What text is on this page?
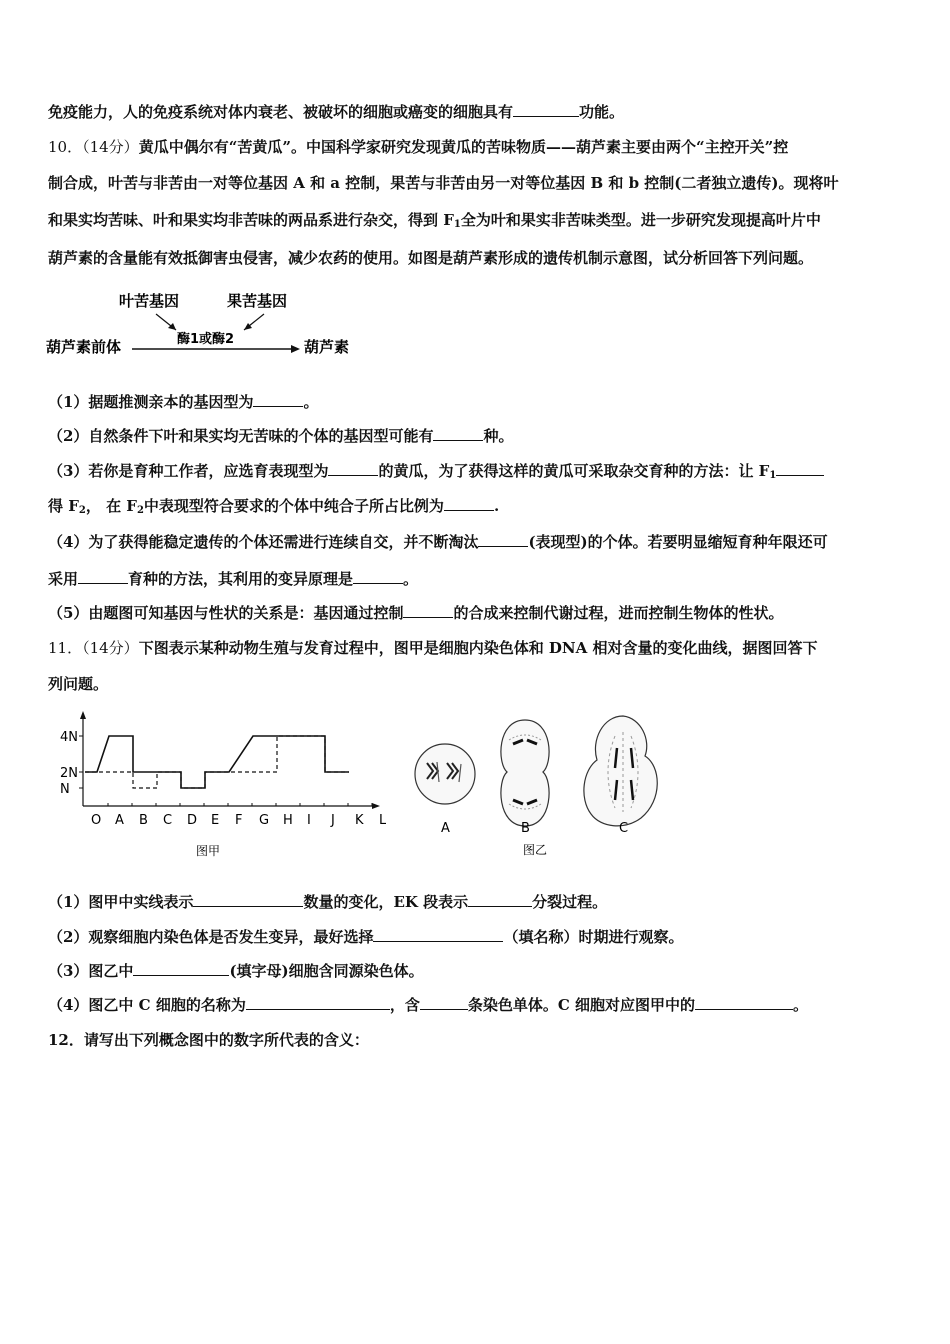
免疫能力，人的免疫系统对体内衰老、被破坏的细胞或癌变的细胞具有	功能。
10．（14分）黄瓜中偶尔有“苦黄瓜”。中国科学家研究发现黄瓜的苦味物质——葫芦素主要由两个“主控开关”控
制合成，叶苦与非苦由一对等位基因 A 和 a 控制，果苦与非苦由另一对等位基因 B 和 b 控制(二者独立遗传)。现将叶
和果实均苦味、叶和果实均非苦味的两品系进行杂交，得到 $F_1$全为叶和果实非苦味类型。进一步研究发现提高叶片中
葫芦素的含量能有效抵御害虫侵害，减少农药的使用。如图是葫芦素形成的遗传机制示意图，试分析回答下列问题。
叶苦基因	果苦基因
酶1或酶2
葫芦素前体	葫芦素
（1）据题推测亲本的基因型为	。
（2）自然条件下叶和果实均无苦味的个体的基因型可能有	种。
（3）若你是育种工作者，应选育表现型为	的黄瓜，为了获得这样的黄瓜可采取杂交育种的方法：让 $F_1$
得 $F_2$， 在 $F_2$中表现型符合要求的个体中纯合子所占比例为	.
（4）为了获得能稳定遗传的个体还需进行连续自交，并不断淘汰	(表现型)的个体。若要明显缩短育种年限还可
采用	育种的方法，其利用的变异原理是	。
（5）由题图可知基因与性状的关系是：基因通过控制	的合成来控制代谢过程，进而控制生物体的性状。
11．（14分）下图表示某种动物生殖与发育过程中，图甲是细胞内染色体和 DNA 相对含量的变化曲线，据图回答下
列问题。
4N
2N
N
O A B C D E F G H I J K L
图甲
A	B	C
图乙
（1）图甲中实线表示	数量的变化，EK 段表示	分裂过程。
（2）观察细胞内染色体是否发生变异，最好选择	（填名称）时期进行观察。
（3）图乙中	(填字母)细胞含同源染色体。
（4）图乙中 C 细胞的名称为	，含	条染色单体。C 细胞对应图甲中的	。
12．请写出下列概念图中的数字所代表的含义：
